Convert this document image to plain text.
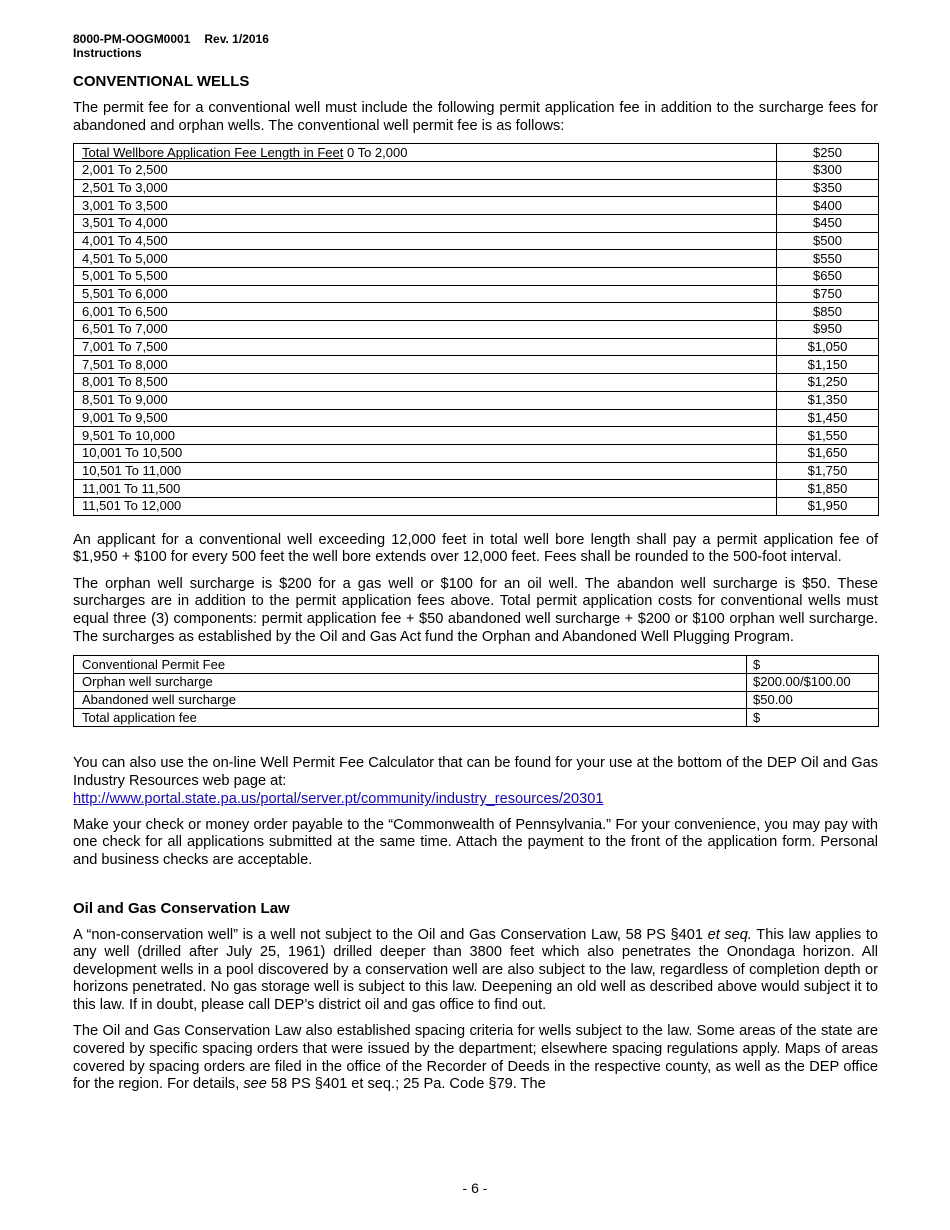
8000-PM-OOGM0001 Rev. 1/2016
Instructions
CONVENTIONAL WELLS

The permit fee for a conventional well must include the following permit application fee in addition to the surcharge fees for abandoned and orphan wells. The conventional well permit fee is as follows:

Total Wellbore Application Fee Length in Feet 0 To 2,000	$250
2,001 To 2,500	$300
2,501 To 3,000	$350
3,001 To 3,500	$400
3,501 To 4,000	$450
4,001 To 4,500	$500
4,501 To 5,000	$550
5,001 To 5,500	$650
5,501 To 6,000	$750
6,001 To 6,500	$850
6,501 To 7,000	$950
7,001 To 7,500	$1,050
7,501 To 8,000	$1,150
8,001 To 8,500	$1,250
8,501 To 9,000	$1,350
9,001 To 9,500	$1,450
9,501 To 10,000	$1,550
10,001 To 10,500	$1,650
10,501 To 11,000	$1,750
11,001 To 11,500	$1,850
11,501 To 12,000	$1,950

An applicant for a conventional well exceeding 12,000 feet in total well bore length shall pay a permit application fee of $1,950 + $100 for every 500 feet the well bore extends over 12,000 feet. Fees shall be rounded to the 500-foot interval.

The orphan well surcharge is $200 for a gas well or $100 for an oil well. The abandon well surcharge is $50. These surcharges are in addition to the permit application fees above. Total permit application costs for conventional wells must equal three (3) components: permit application fee + $50 abandoned well surcharge + $200 or $100 orphan well surcharge. The surcharges as established by the Oil and Gas Act fund the Orphan and Abandoned Well Plugging Program.

Conventional Permit Fee	$
Orphan well surcharge	$200.00/$100.00
Abandoned well surcharge	$50.00
Total application fee	$

You can also use the on-line Well Permit Fee Calculator that can be found for your use at the bottom of the DEP Oil and Gas Industry Resources web page at:

http://www.portal.state.pa.us/portal/server.pt/community/industry_resources/20301

Make your check or money order payable to the “Commonwealth of Pennsylvania.” For your convenience, you may pay with one check for all applications submitted at the same time. Attach the payment to the front of the application form. Personal and business checks are acceptable.

Oil and Gas Conservation Law

A “non-conservation well” is a well not subject to the Oil and Gas Conservation Law, 58 PS §401 et seq. This law applies to any well (drilled after July 25, 1961) drilled deeper than 3800 feet which also penetrates the Onondaga horizon. All development wells in a pool discovered by a conservation well are also subject to the law, regardless of completion depth or horizons penetrated. No gas storage well is subject to this law. Deepening an old well as described above would subject it to this law. If in doubt, please call DEP’s district oil and gas office to find out.

The Oil and Gas Conservation Law also established spacing criteria for wells subject to the law. Some areas of the state are covered by specific spacing orders that were issued by the department; elsewhere spacing regulations apply. Maps of areas covered by spacing orders are filed in the office of the Recorder of Deeds in the respective county, as well as the DEP office for the region. For details, see 58 PS §401 et seq.; 25 Pa. Code §79. The

- 6 -
